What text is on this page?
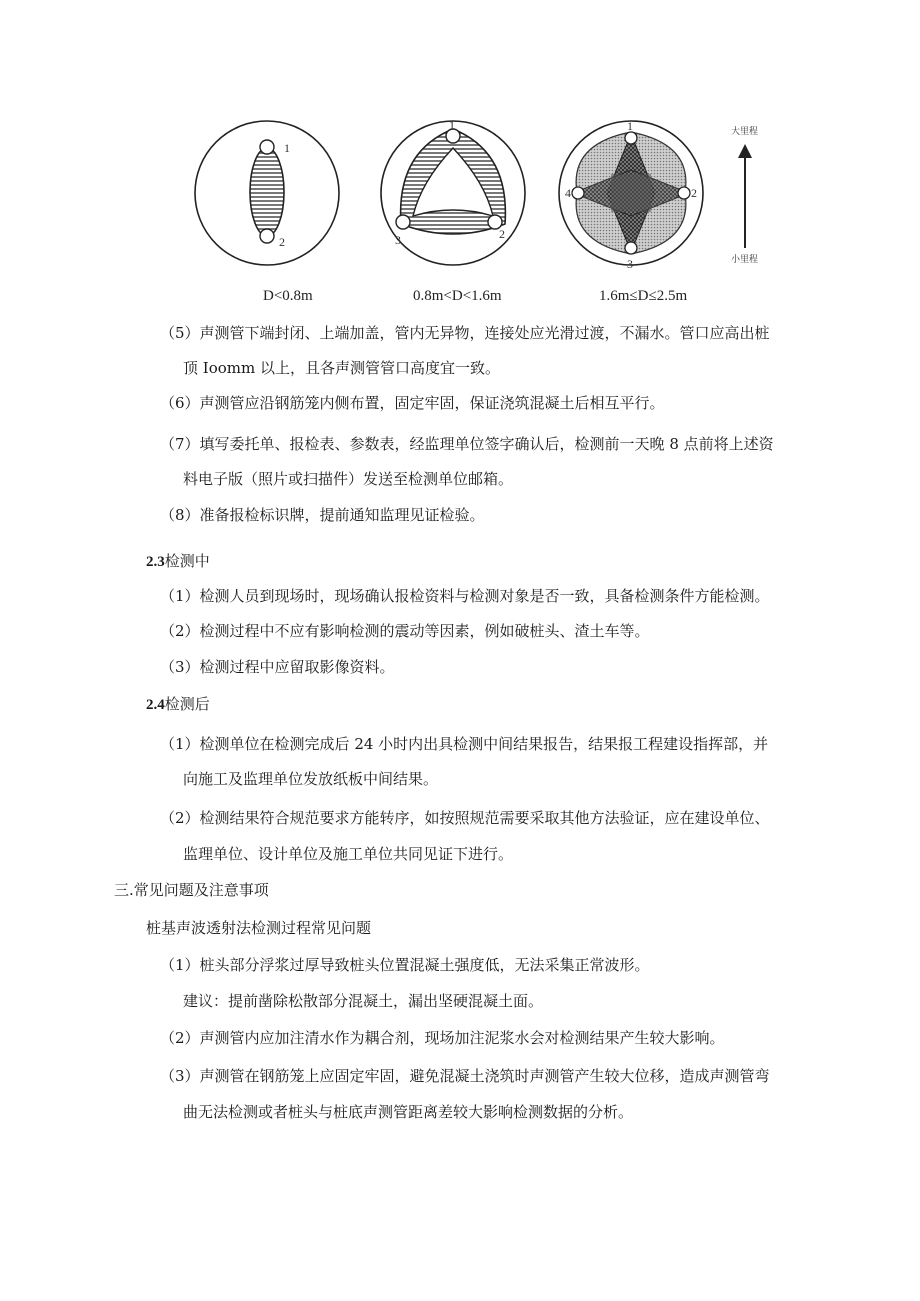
1
2
1
3	2
1
2
3
4
大里程
小里程
D<0.8m	0.8m<D<1.6m	1.6m≤D≤2.5m
（5）声测管下端封闭、上端加盖，管内无异物，连接处应光滑过渡，不漏水。管口应高出桩
顶 Ioomm 以上，且各声测管管口高度宜一致。
（6）声测管应沿钢筋笼内侧布置，固定牢固，保证浇筑混凝土后相互平行。
（7）填写委托单、报检表、参数表，经监理单位签字确认后，检测前一天晚 8 点前将上述资
料电子版（照片或扫描件）发送至检测单位邮箱。
（8）准备报检标识牌，提前通知监理见证检验。
2.3检测中
（1）检测人员到现场时，现场确认报检资料与检测对象是否一致，具备检测条件方能检测。
（2）检测过程中不应有影响检测的震动等因素，例如破桩头、渣土车等。
（3）检测过程中应留取影像资料。
2.4检测后
（1）检测单位在检测完成后 24 小时内出具检测中间结果报告，结果报工程建设指挥部，并
向施工及监理单位发放纸板中间结果。
（2）检测结果符合规范要求方能转序，如按照规范需要采取其他方法验证，应在建设单位、
监理单位、设计单位及施工单位共同见证下进行。
三.常见问题及注意事项
桩基声波透射法检测过程常见问题
（1）桩头部分浮浆过厚导致桩头位置混凝土强度低，无法采集正常波形。
建议：提前凿除松散部分混凝土，漏出坚硬混凝土面。
（2）声测管内应加注清水作为耦合剂，现场加注泥浆水会对检测结果产生较大影响。
（3）声测管在钢筋笼上应固定牢固，避免混凝土浇筑时声测管产生较大位移，造成声测管弯
曲无法检测或者桩头与桩底声测管距离差较大影响检测数据的分析。
